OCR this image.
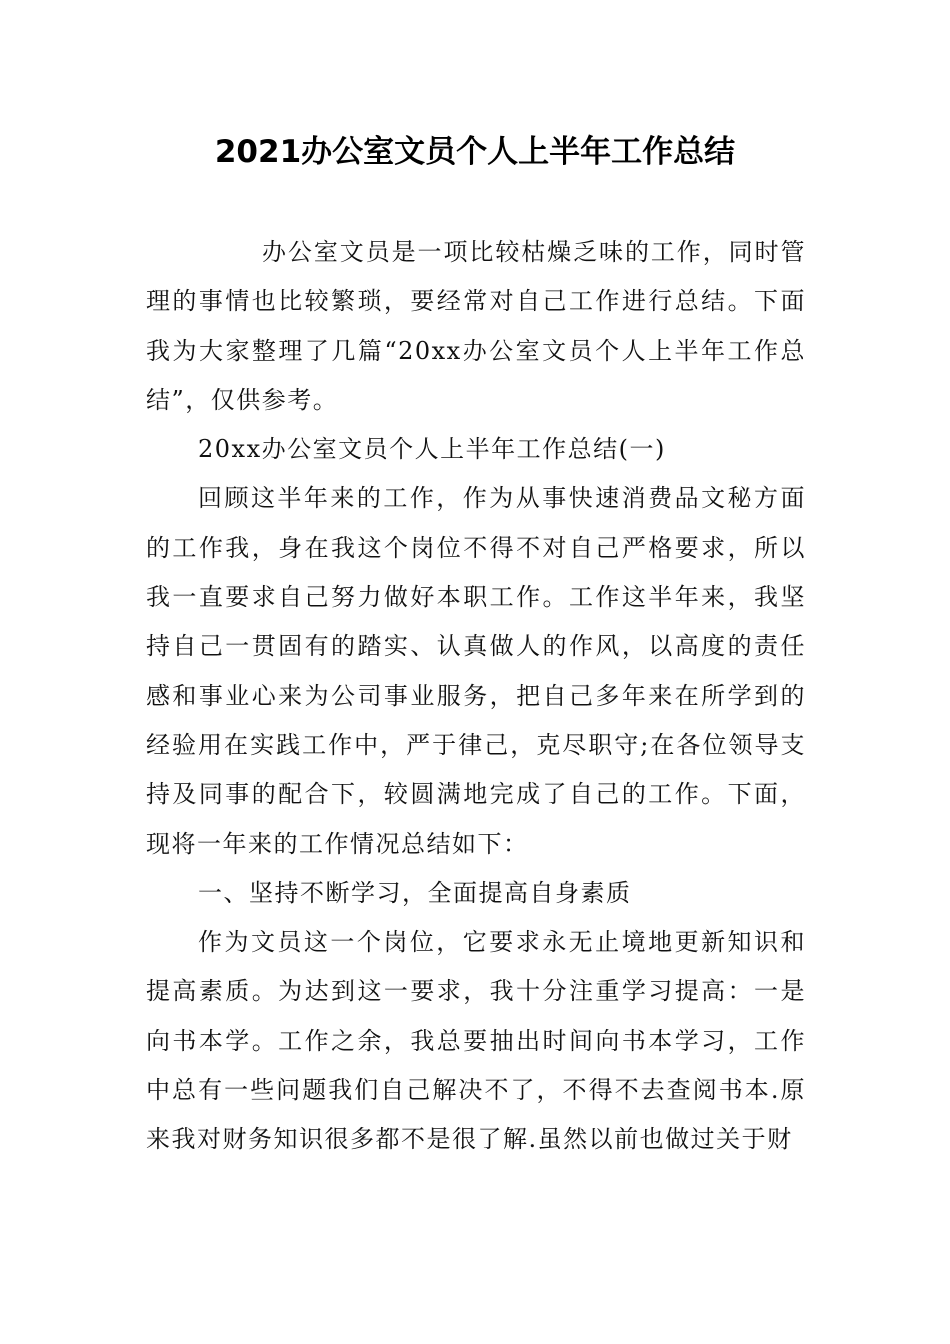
2021办公室文员个人上半年工作总结

办公室文员是一项比较枯燥乏味的工作，同时管理的事情也比较繁琐，要经常对自己工作进行总结。下面我为大家整理了几篇“20xx办公室文员个人上半年工作总结”，仅供参考。

20xx办公室文员个人上半年工作总结(一)

回顾这半年来的工作，作为从事快速消费品文秘方面的工作我，身在我这个岗位不得不对自己严格要求，所以我一直要求自己努力做好本职工作。工作这半年来，我坚持自己一贯固有的踏实、认真做人的作风，以高度的责任感和事业心来为公司事业服务，把自己多年来在所学到的经验用在实践工作中，严于律己，克尽职守;在各位领导支持及同事的配合下，较圆满地完成了自己的工作。下面，现将一年来的工作情况总结如下：

一、坚持不断学习，全面提高自身素质

作为文员这一个岗位，它要求永无止境地更新知识和提高素质。为达到这一要求，我十分注重学习提高：一是向书本学。工作之余，我总要抽出时间向书本学习，工作中总有一些问题我们自己解决不了，不得不去查阅书本.原来我对财务知识很多都不是很了解.虽然以前也做过关于财
